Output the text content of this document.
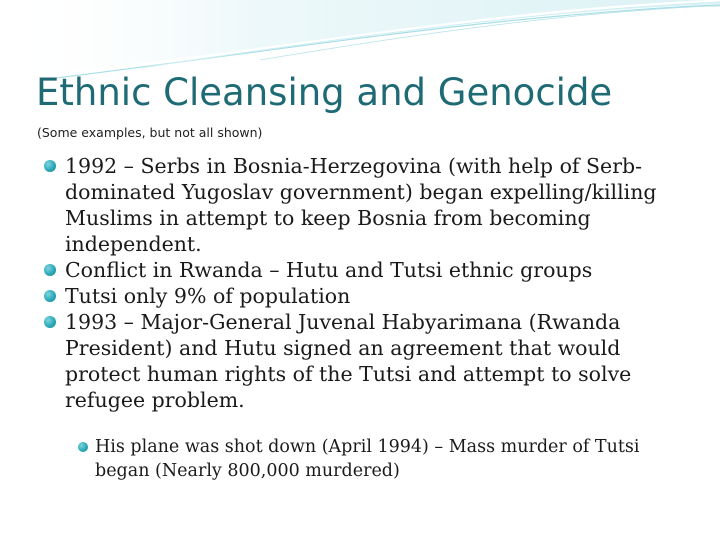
Ethnic Cleansing and Genocide

(Some examples, but not all shown)

1992 – Serbs in Bosnia-Herzegovina (with help of Serb-dominated Yugoslav government) began expelling/killing Muslims in attempt to keep Bosnia from becoming independent.
Conflict in Rwanda – Hutu and Tutsi ethnic groups
Tutsi only 9% of population
1993 – Major-General Juvenal Habyarimana (Rwanda President) and Hutu signed an agreement that would protect human rights of the Tutsi and attempt to solve refugee problem.
His plane was shot down (April 1994) – Mass murder of Tutsi began (Nearly 800,000 murdered)
